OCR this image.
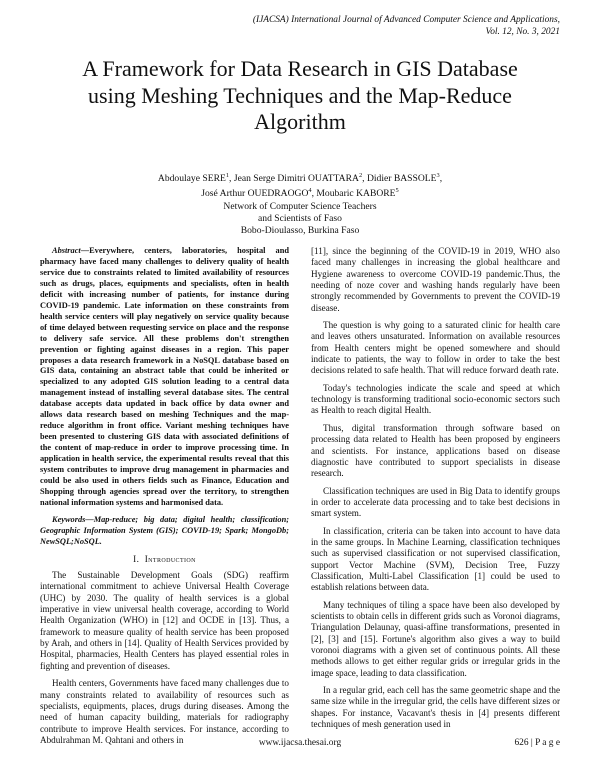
(IJACSA) International Journal of Advanced Computer Science and Applications,
Vol. 12, No. 3, 2021
A Framework for Data Research in GIS Database
using Meshing Techniques and the Map-Reduce
Algorithm
Abdoulaye SERE$^1$, Jean Serge Dimitri OUATTARA$^2$, Didier BASSOLE$^3$,
José Arthur OUEDRAOGO$^4$, Moubaric KABORE$^5$
Network of Computer Science Teachers
and Scientists of Faso
Bobo-Dioulasso, Burkina Faso

Abstract—Everywhere, centers, laboratories, hospital and pharmacy have faced many challenges to delivery quality of health service due to constraints related to limited availability of resources such as drugs, places, equipments and specialists, often in health deficit with increasing number of patients, for instance during COVID-19 pandemic. Late information on these constraints from health service centers will play negatively on service quality because of time delayed between requesting service on place and the response to delivery safe service. All these problems don't strengthen prevention or fighting against diseases in a region. This paper proposes a data research framework in a NoSQL database based on GIS data, containing an abstract table that could be inherited or specialized to any adopted GIS solution leading to a central data management instead of installing several database sites. The central database accepts data updated in back office by data owner and allows data research based on meshing Techniques and the map-reduce algorithm in front office. Variant meshing techniques have been presented to clustering GIS data with associated definitions of the content of map-reduce in order to improve processing time. In application in health service, the experimental results reveal that this system contributes to improve drug management in pharmacies and could be also used in others fields such as Finance, Education and Shopping through agencies spread over the territory, to strengthen national information systems and harmonised data.

Keywords—Map-reduce; big data; digital health; classification; Geographic Information System (GIS); COVID-19; Spark; MongoDb; NewSQL;NoSQL.

I. Introduction

The Sustainable Development Goals (SDG) reaffirm international commitment to achieve Universal Health Coverage (UHC) by 2030. The quality of health services is a global imperative in view universal health coverage, according to World Health Organization (WHO) in [12] and OCDE in [13]. Thus, a framework to measure quality of health service has been proposed by Arah, and others in [14]. Quality of Health Services provided by Hospital, pharmacies, Health Centers has played essential roles in fighting and prevention of diseases.

Health centers, Governments have faced many challenges due to many constraints related to availability of resources such as specialists, equipments, places, drugs during diseases. Among the need of human capacity building, materials for radiography contribute to improve Health services. For instance, according to Abdulrahman M. Qahtani and others in

[11], since the beginning of the COVID-19 in 2019, WHO also faced many challenges in increasing the global healthcare and Hygiene awareness to overcome COVID-19 pandemic.Thus, the needing of noze cover and washing hands regularly have been strongly recommended by Governments to prevent the COVID-19 disease.

The question is why going to a saturated clinic for health care and leaves others unsaturated. Information on available resources from Health centers might be opened somewhere and should indicate to patients, the way to follow in order to take the best decisions related to safe health. That will reduce forward death rate.

Today's technologies indicate the scale and speed at which technology is transforming traditional socio-economic sectors such as Health to reach digital Health.

Thus, digital transformation through software based on processing data related to Health has been proposed by engineers and scientists. For instance, applications based on disease diagnostic have contributed to support specialists in disease research.

Classification techniques are used in Big Data to identify groups in order to accelerate data processing and to take best decisions in smart system.

In classification, criteria can be taken into account to have data in the same groups. In Machine Learning, classification techniques such as supervised classification or not supervised classification, support Vector Machine (SVM), Decision Tree, Fuzzy Classification, Multi-Label Classification [1] could be used to establish relations between data.

Many techniques of tiling a space have been also developed by scientists to obtain cells in different grids such as Voronoi diagrams, Triangulation Delaunay, quasi-affine transformations, presented in [2], [3] and [15]. Fortune's algorithm also gives a way to build voronoi diagrams with a given set of continuous points. All these methods allows to get either regular grids or irregular grids in the image space, leading to data classification.

In a regular grid, each cell has the same geometric shape and the same size while in the irregular grid, the cells have different sizes or shapes. For instance, Vacavant's thesis in [4] presents different techniques of mesh generation used in

www.ijacsa.thesai.org	626 | P a g e
